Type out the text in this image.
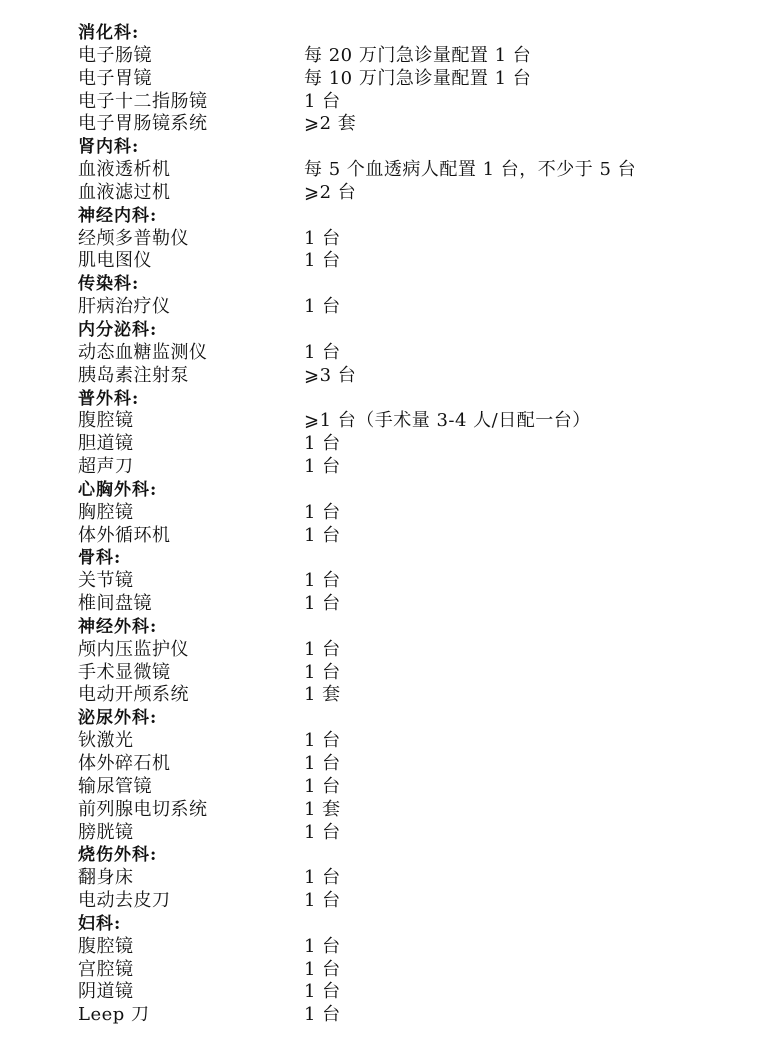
消化科:
电子肠镜	每 20 万门急诊量配置 1 台
电子胃镜	每 10 万门急诊量配置 1 台
电子十二指肠镜	1 台
电子胃肠镜系统	⩾2 套
肾内科:
血液透析机	每 5 个血透病人配置 1 台，不少于 5 台
血液滤过机	⩾2 台
神经内科:
经颅多普勒仪	1 台
肌电图仪	1 台
传染科:
肝病治疗仪	1 台
内分泌科:
动态血糖监测仪	1 台
胰岛素注射泵	⩾3 台
普外科:
腹腔镜	⩾1 台（手术量 3-4 人/日配一台）
胆道镜	1 台
超声刀	1 台
心胸外科:
胸腔镜	1 台
体外循环机	1 台
骨科:
关节镜	1 台
椎间盘镜	1 台
神经外科:
颅内压监护仪	1 台
手术显微镜	1 台
电动开颅系统	1 套
泌尿外科:
钬激光	1 台
体外碎石机	1 台
输尿管镜	1 台
前列腺电切系统	1 套
膀胱镜	1 台
烧伤外科:
翻身床	1 台
电动去皮刀	1 台
妇科:
腹腔镜	1 台
宫腔镜	1 台
阴道镜	1 台
Leep 刀	1 台
